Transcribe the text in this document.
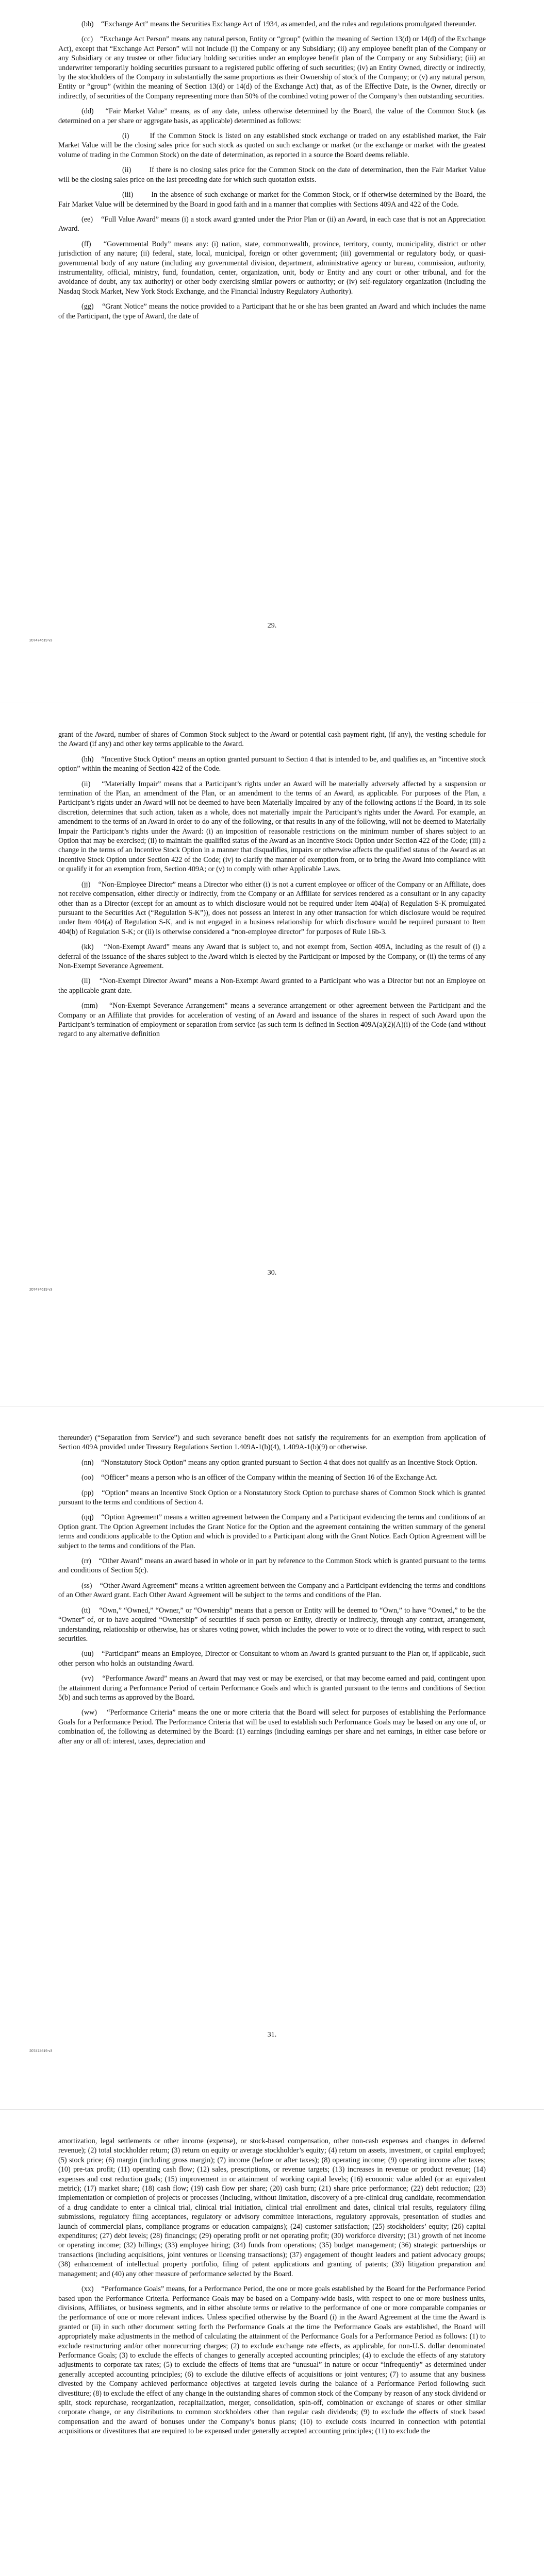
(bb)    “Exchange Act” means the Securities Exchange Act of 1934, as amended, and the rules and regulations promulgated thereunder.

(cc)    “Exchange Act Person” means any natural person, Entity or “group” (within the meaning of Section 13(d) or 14(d) of the Exchange Act), except that “Exchange Act Person” will not include (i) the Company or any Subsidiary; (ii) any employee benefit plan of the Company or any Subsidiary or any trustee or other fiduciary holding securities under an employee benefit plan of the Company or any Subsidiary; (iii) an underwriter temporarily holding securities pursuant to a registered public offering of such securities; (iv) an Entity Owned, directly or indirectly, by the stockholders of the Company in substantially the same proportions as their Ownership of stock of the Company; or (v) any natural person, Entity or “group” (within the meaning of Section 13(d) or 14(d) of the Exchange Act) that, as of the Effective Date, is the Owner, directly or indirectly, of securities of the Company representing more than 50% of the combined voting power of the Company’s then outstanding securities.

(dd)    “Fair Market Value” means, as of any date, unless otherwise determined by the Board, the value of the Common Stock (as determined on a per share or aggregate basis, as applicable) determined as follows:

(i)        If the Common Stock is listed on any established stock exchange or traded on any established market, the Fair Market Value will be the closing sales price for such stock as quoted on such exchange or market (or the exchange or market with the greatest volume of trading in the Common Stock) on the date of determination, as reported in a source the Board deems reliable.

(ii)        If there is no closing sales price for the Common Stock on the date of determination, then the Fair Market Value will be the closing sales price on the last preceding date for which such quotation exists.

(iii)        In the absence of such exchange or market for the Common Stock, or if otherwise determined by the Board, the Fair Market Value will be determined by the Board in good faith and in a manner that complies with Sections 409A and 422 of the Code.

(ee)    “Full Value Award” means (i) a stock award granted under the Prior Plan or (ii) an Award, in each case that is not an Appreciation Award.

(ff)    “Governmental Body” means any: (i) nation, state, commonwealth, province, territory, county, municipality, district or other jurisdiction of any nature; (ii) federal, state, local, municipal, foreign or other government; (iii) governmental or regulatory body, or quasi-governmental body of any nature (including any governmental division, department, administrative agency or bureau, commission, authority, instrumentality, official, ministry, fund, foundation, center, organization, unit, body or Entity and any court or other tribunal, and for the avoidance of doubt, any tax authority) or other body exercising similar powers or authority; or (iv) self-regulatory organization (including the Nasdaq Stock Market, New York Stock Exchange, and the Financial Industry Regulatory Authority).

(gg)    “Grant Notice” means the notice provided to a Participant that he or she has been granted an Award and which includes the name of the Participant, the type of Award, the date of

29.
207474619 v3

grant of the Award, number of shares of Common Stock subject to the Award or potential cash payment right, (if any), the vesting schedule for the Award (if any) and other key terms applicable to the Award.

(hh)    “Incentive Stock Option” means an option granted pursuant to Section 4 that is intended to be, and qualifies as, an “incentive stock option” within the meaning of Section 422 of the Code.

(ii)    “Materially Impair” means that a Participant’s rights under an Award will be materially adversely affected by a suspension or termination of the Plan, an amendment of the Plan, or an amendment to the terms of an Award, as applicable. For purposes of the Plan, a Participant’s rights under an Award will not be deemed to have been Materially Impaired by any of the following actions if the Board, in its sole discretion, determines that such action, taken as a whole, does not materially impair the Participant’s rights under the Award. For example, an amendment to the terms of an Award in order to do any of the following, or that results in any of the following, will not be deemed to Materially Impair the Participant’s rights under the Award: (i) an imposition of reasonable restrictions on the minimum number of shares subject to an Option that may be exercised; (ii) to maintain the qualified status of the Award as an Incentive Stock Option under Section 422 of the Code; (iii) a change in the terms of an Incentive Stock Option in a manner that disqualifies, impairs or otherwise affects the qualified status of the Award as an Incentive Stock Option under Section 422 of the Code; (iv) to clarify the manner of exemption from, or to bring the Award into compliance with or qualify it for an exemption from, Section 409A; or (v) to comply with other Applicable Laws.

(jj)    “Non-Employee Director” means a Director who either (i) is not a current employee or officer of the Company or an Affiliate, does not receive compensation, either directly or indirectly, from the Company or an Affiliate for services rendered as a consultant or in any capacity other than as a Director (except for an amount as to which disclosure would not be required under Item 404(a) of Regulation S-K promulgated pursuant to the Securities Act (“Regulation S-K”)), does not possess an interest in any other transaction for which disclosure would be required under Item 404(a) of Regulation S-K, and is not engaged in a business relationship for which disclosure would be required pursuant to Item 404(b) of Regulation S-K; or (ii) is otherwise considered a “non-employee director” for purposes of Rule 16b-3.

(kk)    “Non-Exempt Award” means any Award that is subject to, and not exempt from, Section 409A, including as the result of (i) a deferral of the issuance of the shares subject to the Award which is elected by the Participant or imposed by the Company, or (ii) the terms of any Non-Exempt Severance Agreement.

(ll)    “Non-Exempt Director Award” means a Non-Exempt Award granted to a Participant who was a Director but not an Employee on the applicable grant date.

(mm)    “Non-Exempt Severance Arrangement” means a severance arrangement or other agreement between the Participant and the Company or an Affiliate that provides for acceleration of vesting of an Award and issuance of the shares in respect of such Award upon the Participant’s termination of employment or separation from service (as such term is defined in Section 409A(a)(2)(A)(i) of the Code (and without regard to any alternative definition

30.
207474619 v3

thereunder) (“Separation from Service”) and such severance benefit does not satisfy the requirements for an exemption from application of Section 409A provided under Treasury Regulations Section 1.409A-1(b)(4), 1.409A-1(b)(9) or otherwise.

(nn)    “Nonstatutory Stock Option” means any option granted pursuant to Section 4 that does not qualify as an Incentive Stock Option.

(oo)    “Officer” means a person who is an officer of the Company within the meaning of Section 16 of the Exchange Act.

(pp)    “Option” means an Incentive Stock Option or a Nonstatutory Stock Option to purchase shares of Common Stock which is granted pursuant to the terms and conditions of Section 4.

(qq)    “Option Agreement” means a written agreement between the Company and a Participant evidencing the terms and conditions of an Option grant. The Option Agreement includes the Grant Notice for the Option and the agreement containing the written summary of the general terms and conditions applicable to the Option and which is provided to a Participant along with the Grant Notice. Each Option Agreement will be subject to the terms and conditions of the Plan.

(rr)    “Other Award” means an award based in whole or in part by reference to the Common Stock which is granted pursuant to the terms and conditions of Section 5(c).

(ss)    “Other Award Agreement” means a written agreement between the Company and a Participant evidencing the terms and conditions of an Other Award grant. Each Other Award Agreement will be subject to the terms and conditions of the Plan.

(tt)    “Own,” “Owned,” “Owner,” or “Ownership” means that a person or Entity will be deemed to “Own,” to have “Owned,” to be the “Owner” of, or to have acquired “Ownership” of securities if such person or Entity, directly or indirectly, through any contract, arrangement, understanding, relationship or otherwise, has or shares voting power, which includes the power to vote or to direct the voting, with respect to such securities.

(uu)    “Participant” means an Employee, Director or Consultant to whom an Award is granted pursuant to the Plan or, if applicable, such other person who holds an outstanding Award.

(vv)    “Performance Award” means an Award that may vest or may be exercised, or that may become earned and paid, contingent upon the attainment during a Performance Period of certain Performance Goals and which is granted pursuant to the terms and conditions of Section 5(b) and such terms as approved by the Board.

(ww)    “Performance Criteria” means the one or more criteria that the Board will select for purposes of establishing the Performance Goals for a Performance Period. The Performance Criteria that will be used to establish such Performance Goals may be based on any one of, or combination of, the following as determined by the Board: (1) earnings (including earnings per share and net earnings, in either case before or after any or all of: interest, taxes, depreciation and

31.
207474619 v3

amortization, legal settlements or other income (expense), or stock-based compensation, other non-cash expenses and changes in deferred revenue); (2) total stockholder return; (3) return on equity or average stockholder’s equity; (4) return on assets, investment, or capital employed; (5) stock price; (6) margin (including gross margin); (7) income (before or after taxes); (8) operating income; (9) operating income after taxes; (10) pre-tax profit; (11) operating cash flow; (12) sales, prescriptions, or revenue targets; (13) increases in revenue or product revenue; (14) expenses and cost reduction goals; (15) improvement in or attainment of working capital levels; (16) economic value added (or an equivalent metric); (17) market share; (18) cash flow; (19) cash flow per share; (20) cash burn; (21) share price performance; (22) debt reduction; (23) implementation or completion of projects or processes (including, without limitation, discovery of a pre-clinical drug candidate, recommendation of a drug candidate to enter a clinical trial, clinical trial initiation, clinical trial enrollment and dates, clinical trial results, regulatory filing submissions, regulatory filing acceptances, regulatory or advisory committee interactions, regulatory approvals, presentation of studies and launch of commercial plans, compliance programs or education campaigns); (24) customer satisfaction; (25) stockholders’ equity; (26) capital expenditures; (27) debt levels; (28) financings; (29) operating profit or net operating profit; (30) workforce diversity; (31) growth of net income or operating income; (32) billings; (33) employee hiring; (34) funds from operations; (35) budget management; (36) strategic partnerships or transactions (including acquisitions, joint ventures or licensing transactions); (37) engagement of thought leaders and patient advocacy groups; (38) enhancement of intellectual property portfolio, filing of patent applications and granting of patents; (39) litigation preparation and management; and (40) any other measure of performance selected by the Board.

(xx)    “Performance Goals” means, for a Performance Period, the one or more goals established by the Board for the Performance Period based upon the Performance Criteria. Performance Goals may be based on a Company-wide basis, with respect to one or more business units, divisions, Affiliates, or business segments, and in either absolute terms or relative to the performance of one or more comparable companies or the performance of one or more relevant indices. Unless specified otherwise by the Board (i) in the Award Agreement at the time the Award is granted or (ii) in such other document setting forth the Performance Goals at the time the Performance Goals are established, the Board will appropriately make adjustments in the method of calculating the attainment of the Performance Goals for a Performance Period as follows: (1) to exclude restructuring and/or other nonrecurring charges; (2) to exclude exchange rate effects, as applicable, for non-U.S. dollar denominated Performance Goals; (3) to exclude the effects of changes to generally accepted accounting principles; (4) to exclude the effects of any statutory adjustments to corporate tax rates; (5) to exclude the effects of items that are “unusual” in nature or occur “infrequently” as determined under generally accepted accounting principles; (6) to exclude the dilutive effects of acquisitions or joint ventures; (7) to assume that any business divested by the Company achieved performance objectives at targeted levels during the balance of a Performance Period following such divestiture; (8) to exclude the effect of any change in the outstanding shares of common stock of the Company by reason of any stock dividend or split, stock repurchase, reorganization, recapitalization, merger, consolidation, spin-off, combination or exchange of shares or other similar corporate change, or any distributions to common stockholders other than regular cash dividends; (9) to exclude the effects of stock based compensation and the award of bonuses under the Company’s bonus plans; (10) to exclude costs incurred in connection with potential acquisitions or divestitures that are required to be expensed under generally accepted accounting principles; (11) to exclude the
